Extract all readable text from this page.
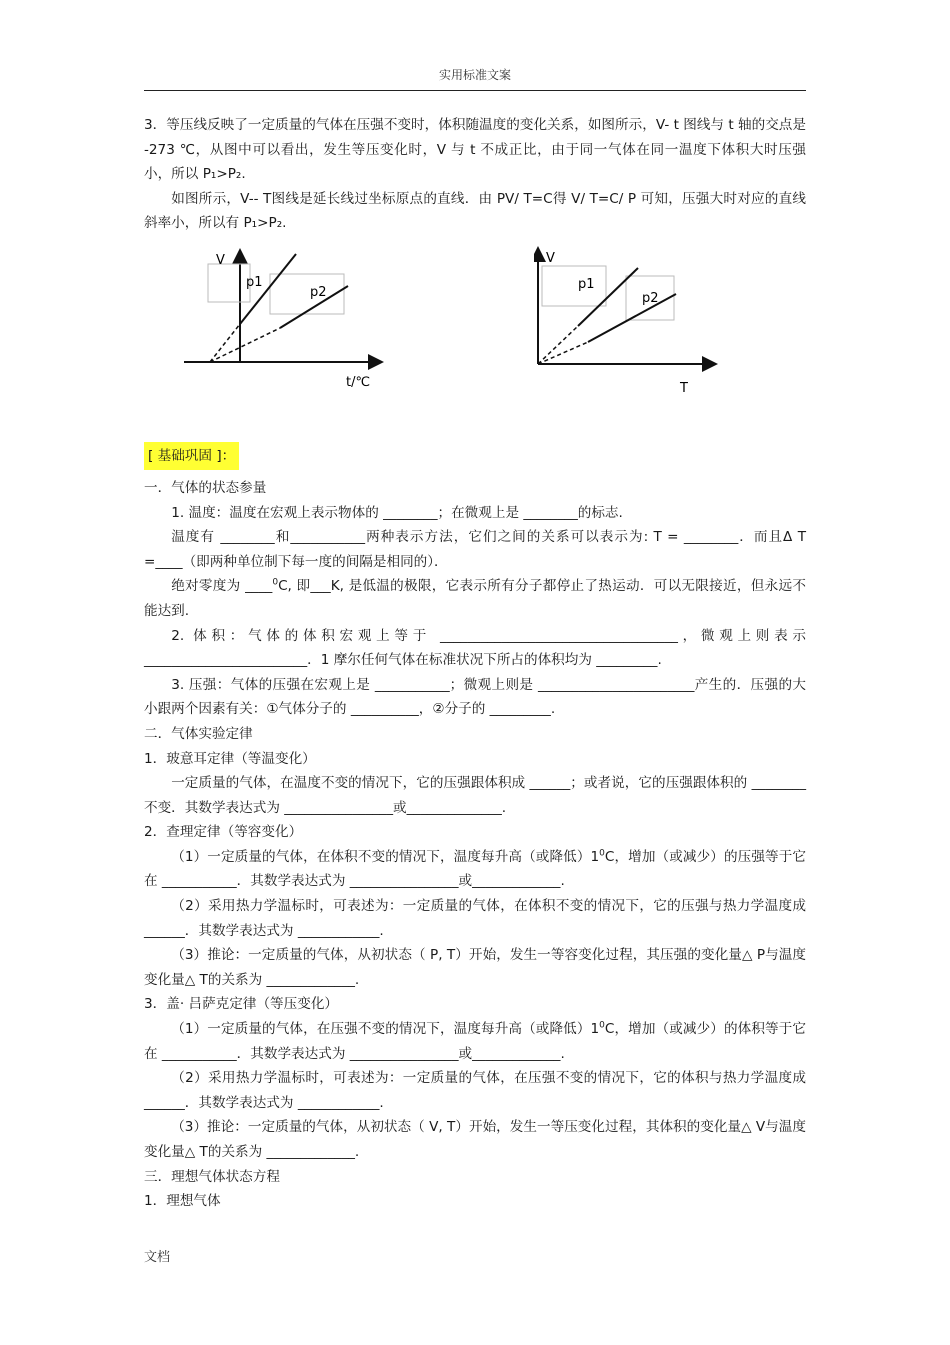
实用标准文案

3．等压线反映了一定质量的气体在压强不变时，体积随温度的变化关系，如图所示，V- t 图线与 t 轴的交点是 -273 ℃，从图中可以看出，发生等压变化时，V 与 t 不成正比，由于同一气体在同一温度下体积大时压强小，所以 P₁>P₂.

如图所示，V-- T图线是延长线过坐标原点的直线．由 PV/ T=C得 V/ T=C/ P 可知，压强大时对应的直线斜率小，所以有 P₁>P₂.

V
p1
p2
t/℃
V
p1
p2
T
[ 基础巩固 ]：

一．气体的状态参量

1. 温度：温度在宏观上表示物体的 ________；在微观上是 ________的标志.

温度有 ________和___________两种表示方法，它们之间的关系可以表示为: T = ________．而且Δ T =____（即两种单位制下每一度的间隔是相同的）．

绝对零度为 ____$^0$C, 即___K, 是低温的极限，它表示所有分子都停止了热运动．可以无限接近，但永远不能达到.

2. 体积：气体的体积宏观上等于 ___________________________________，微观上则表示 ________________________．1 摩尔任何气体在标准状况下所占的体积均为 _________.

3. 压强：气体的压强在宏观上是 ___________；微观上则是 _______________________产生的．压强的大小跟两个因素有关：①气体分子的 __________，②分子的 _________.

二．气体实验定律

1．玻意耳定律（等温变化）

一定质量的气体，在温度不变的情况下，它的压强跟体积成 ______；或者说，它的压强跟体积的 ________不变．其数学表达式为 ________________或______________.

2．查理定律（等容变化）

（1）一定质量的气体，在体积不变的情况下，温度每升高（或降低）$1^0C$，增加（或减少）的压强等于它在 ___________．其数学表达式为 ________________或_____________.

（2）采用热力学温标时，可表述为：一定质量的气体，在体积不变的情况下，它的压强与热力学温度成 ______．其数学表达式为 ____________.

（3）推论：一定质量的气体，从初状态（ P, T）开始，发生一等容变化过程，其压强的变化量△ P与温度变化量△ T的关系为 _____________.

3．盖· 吕萨克定律（等压变化）

（1）一定质量的气体，在压强不变的情况下，温度每升高（或降低）$1^0C$，增加（或减少）的体积等于它在 ___________．其数学表达式为 ________________或_____________.

（2）采用热力学温标时，可表述为：一定质量的气体，在压强不变的情况下，它的体积与热力学温度成 ______．其数学表达式为 ____________.

（3）推论：一定质量的气体，从初状态（ V, T）开始，发生一等压变化过程，其体积的变化量△ V与温度变化量△ T的关系为 _____________.

三．理想气体状态方程

1．理想气体

文档
